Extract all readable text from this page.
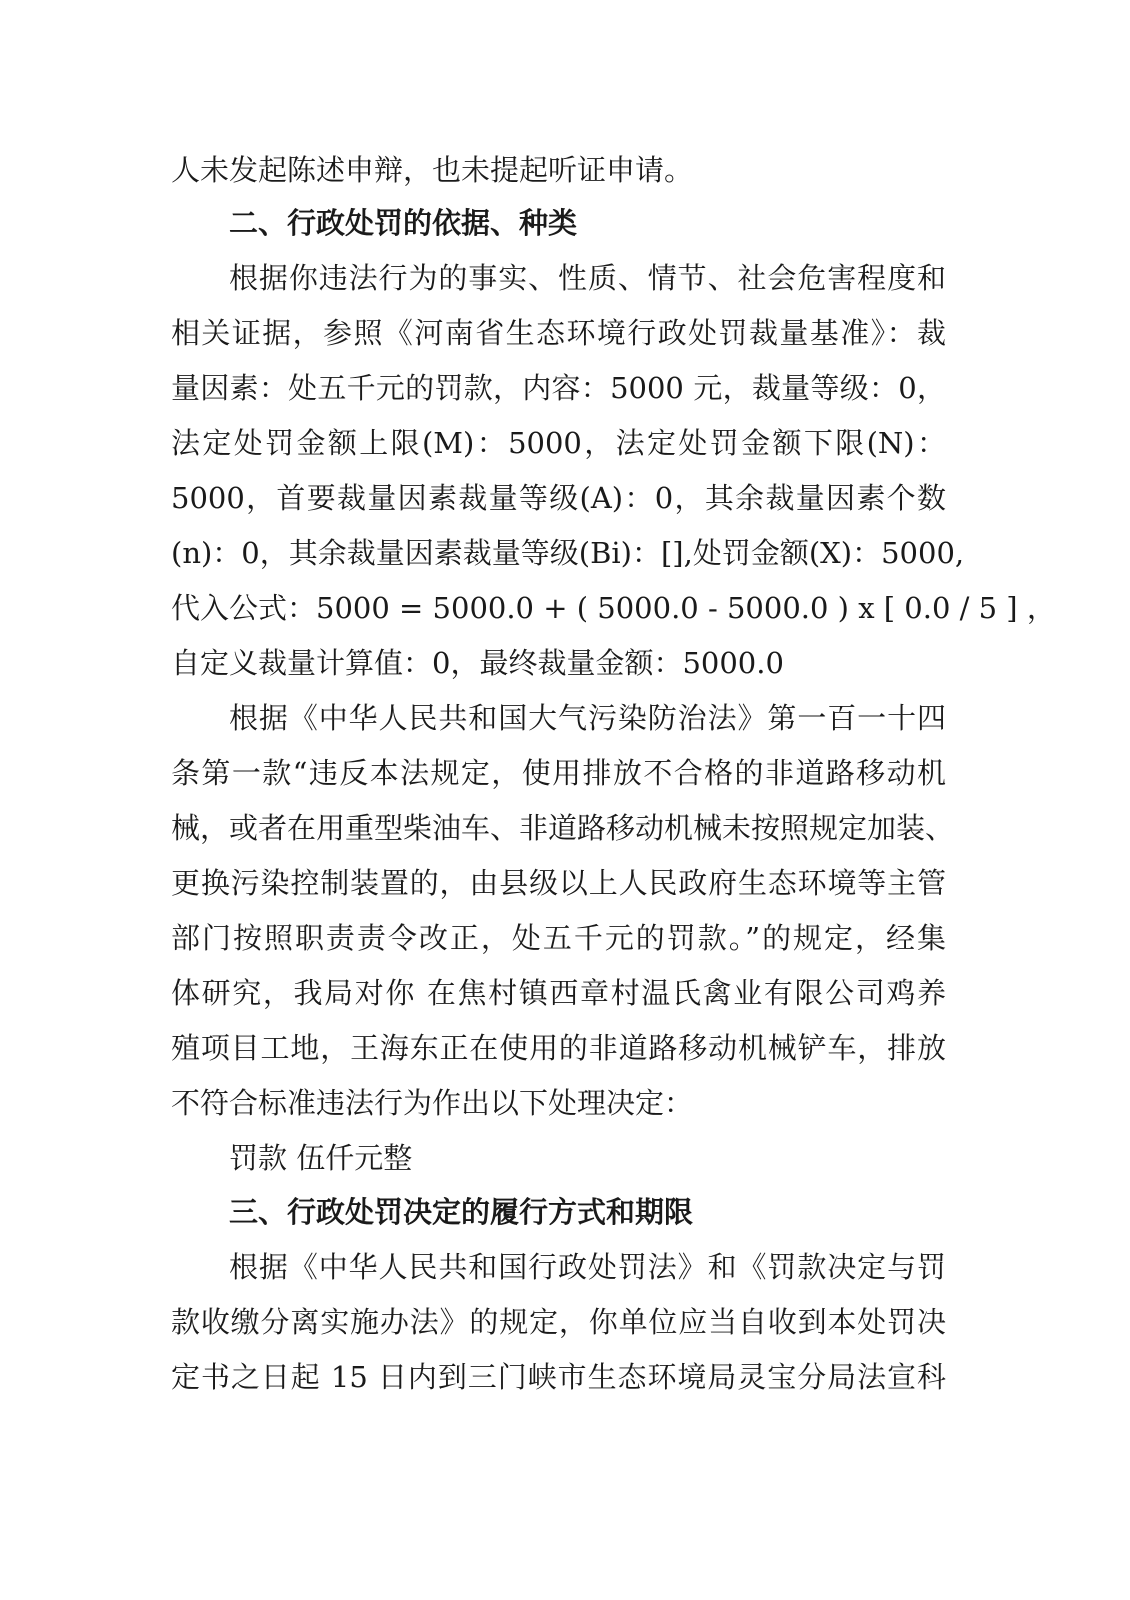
人未发起陈述申辩，也未提起听证申请。

二、行政处罚的依据、种类

根据你违法行为的事实、性质、情节、社会危害程度和

相关证据，参照《河南省生态环境行政处罚裁量基准》：裁

量因素：处五千元的罚款，内容：5000 元，裁量等级：0，

法定处罚金额上限(M)：5000，法定处罚金额下限(N)：

5000，首要裁量因素裁量等级(A)：0，其余裁量因素个数

(n)：0，其余裁量因素裁量等级(Bi)：[],处罚金额(X)：5000,

代入公式：5000 = 5000.0 + ( 5000.0 - 5000.0 ) x [ 0.0 / 5 ] ，

自定义裁量计算值：0，最终裁量金额：5000.0

根据《中华人民共和国大气污染防治法》第一百一十四

条第一款“违反本法规定，使用排放不合格的非道路移动机

械，或者在用重型柴油车、非道路移动机械未按照规定加装、

更换污染控制装置的，由县级以上人民政府生态环境等主管

部门按照职责责令改正，处五千元的罚款。”的规定，经集

体研究，我局对你 在焦村镇西章村温氏禽业有限公司鸡养

殖项目工地，王海东正在使用的非道路移动机械铲车，排放

不符合标准违法行为作出以下处理决定：

罚款 伍仟元整

三、行政处罚决定的履行方式和期限

根据《中华人民共和国行政处罚法》和《罚款决定与罚

款收缴分离实施办法》的规定，你单位应当自收到本处罚决

定书之日起 15 日内到三门峡市生态环境局灵宝分局法宣科
